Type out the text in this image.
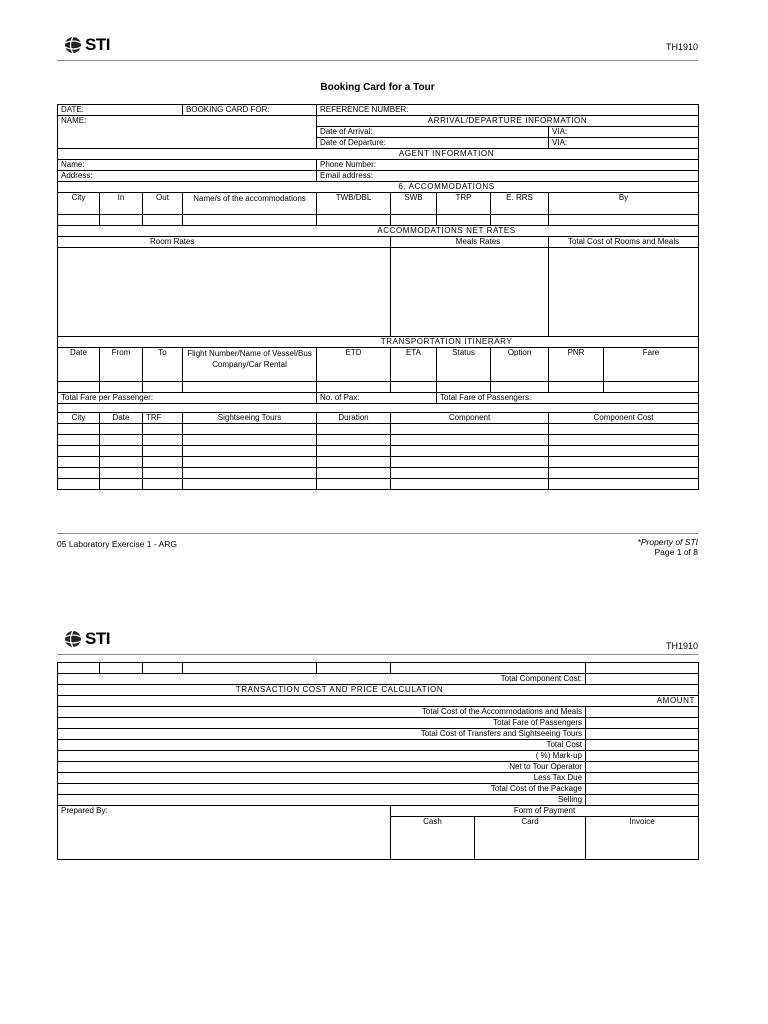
STI	TH1910
Booking Card for a Tour
DATE:			BOOKING CARD FOR:	REFERENCE NUMBER:					
NAME:				ARRIVAL/DEPARTURE INFORMATION					
				Date of Arrival:				VIA:	
				Date of Departure:				VIA:	
AGENT INFORMATION									
Name:				Phone Number:					
Address:				Email address:					
6. ACCOMMODATIONS									
City	In	Out	Name/s of the accommodations	TWB/DBL	SWB	TRP	E. RRS	By	

ACCOMMODATIONS NET RATES									
Room Rates					Meals Rates			Total Cost of Rooms and Meals	

TRANSPORTATION ITINERARY									
Date	From	To	Flight Number/Name of Vessel/Bus Company/Car Rental	ETD	ETA	Status	Option	PNR	Fare

Total Fare per Passenger:				No. of Pax:		Total Fare of Passengers:			

City	Date	TRF	Sightseeing Tours	Duration	Component			Component Cost	

05 Laboratory Exercise 1 - ARG	*Property of STI
Page 1 of 8
STI	TH1910

Total Component Cost:							
TRANSACTION COST AND PRICE CALCULATION							
AMOUNT							
Total Cost of the Accommodations and Meals							
Total Fare of Passengers							
Total Cost of Transfers and Sightseeing Tours							
Total Cost							
( %) Mark-up							
Net to Tour Operator							
Less Tax Due							
Total Cost of the Package							
Selling							
Prepared By:					Form of Payment		
					Cash	Card	Invoice
